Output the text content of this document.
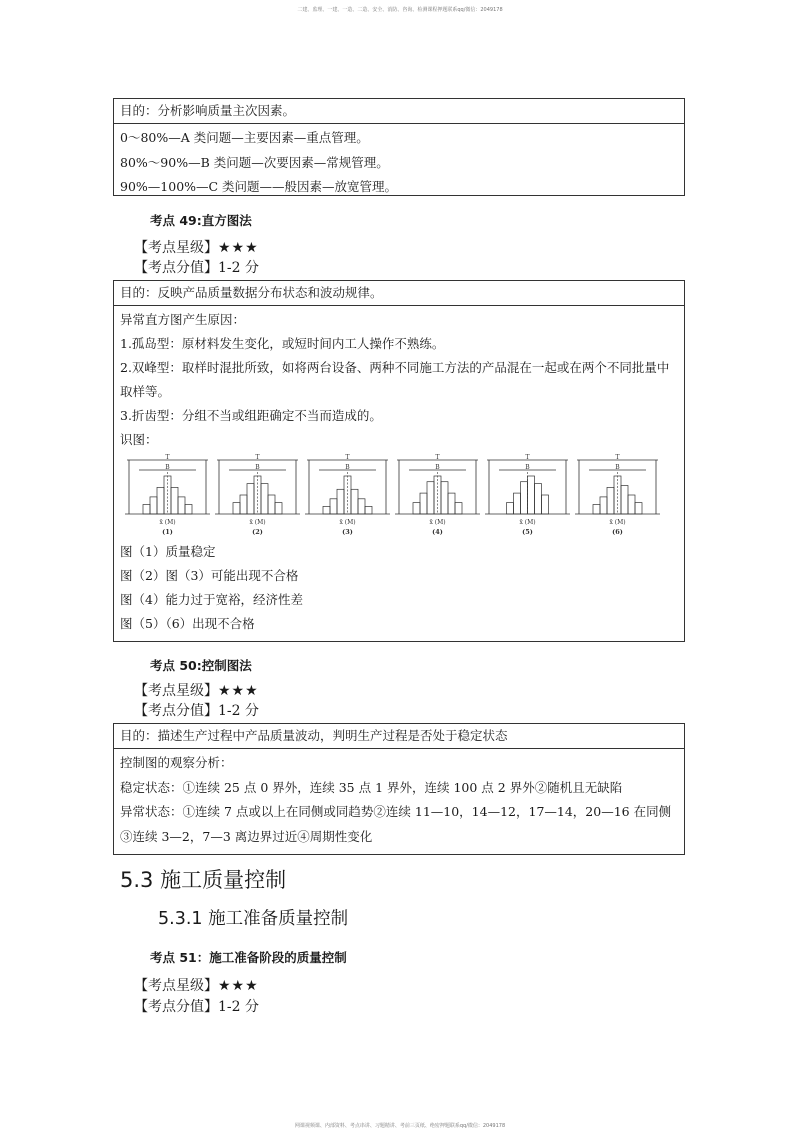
二建、监理、一建、一造、二造、安全、消防、咨询、检测课程押题联系qq/微信：2049178
目的：分析影响质量主次因素。

0～80%—A 类问题—主要因素—重点管理。

80%～90%—B 类问题—次要因素—常规管理。

90%—100%—C 类问题——般因素—放宽管理。

考点 49:直方图法
【考点星级】★★★
【考点分值】1-2 分
目的：反映产品质量数据分布状态和波动规律。

异常直方图产生原因：

1.孤岛型：原材料发生变化，或短时间内工人操作不熟练。

2.双峰型：取样时混批所致，如将两台设备、两种不同施工方法的产品混在一起或在两个不同批量中取样等。

3.折齿型：分组不当或组距确定不当而造成的。

识图：

T
B
x̄ (M)
(1)
T
B
x̄ (M)
(2)
T
B
x̄ (M)
(3)
T
B
x̄ (M)
(4)
T
B
x̄ (M)
(5)
T
B
x̄ (M)
(6)

图（1）质量稳定

图（2）图（3）可能出现不合格

图（4）能力过于宽裕，经济性差

图（5）（6）出现不合格

考点 50:控制图法
【考点星级】★★★
【考点分值】1-2 分
目的：描述生产过程中产品质量波动，判明生产过程是否处于稳定状态

控制图的观察分析：

稳定状态：①连续 25 点 0 界外，连续 35 点 1 界外，连续 100 点 2 界外②随机且无缺陷

异常状态：①连续 7 点或以上在同侧或同趋势②连续 11—10，14—12，17—14，20—16 在同侧③连续 3—2，7—3 离边界过近④周期性变化

5.3 施工质量控制
5.3.1 施工准备质量控制
考点 51：施工准备阶段的质量控制
【考点星级】★★★
【考点分值】1-2 分
网课视频课、内部资料、考点串讲、习题精讲、考前三页纸、绝密押题联系qq/微信：2049178
